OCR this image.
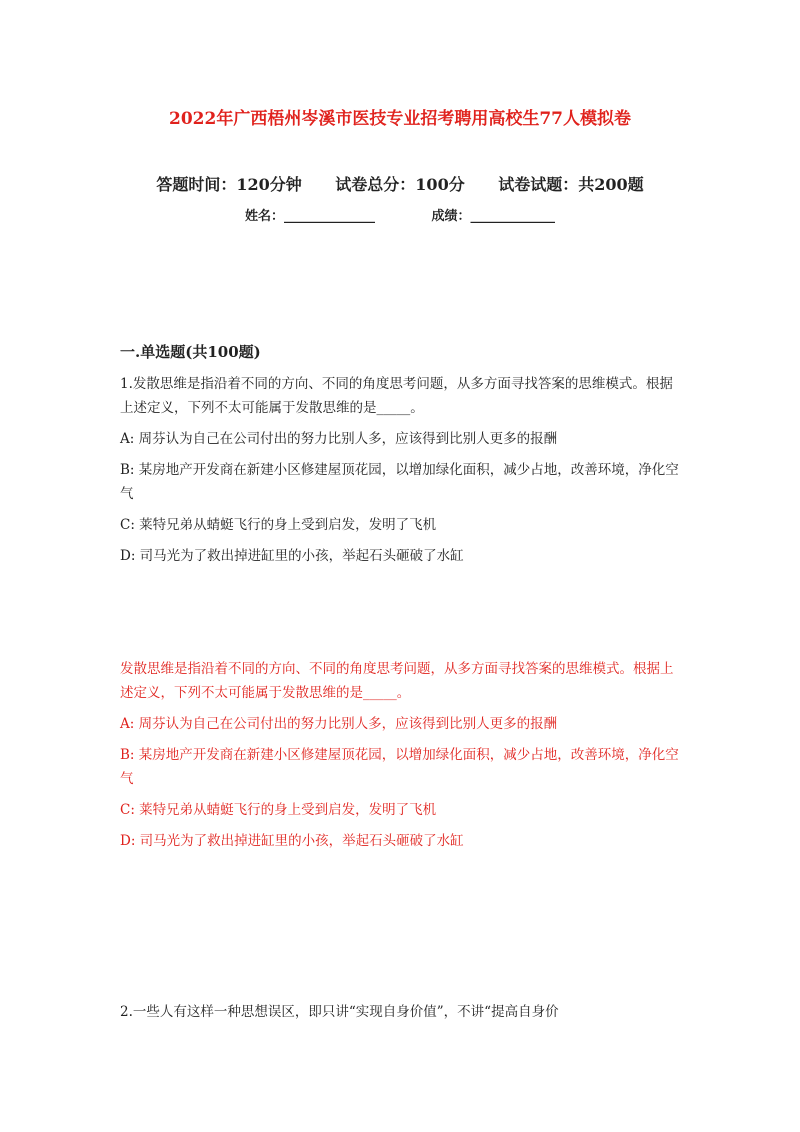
2022年广西梧州岑溪市医技专业招考聘用高校生77人模拟卷
答题时间：120分钟 试卷总分：100分 试卷试题：共200题
姓名：______________	成绩：_____________
一.单选题(共100题)

1.发散思维是指沿着不同的方向、不同的角度思考问题，从多方面寻找答案的思维模式。根据上述定义，下列不太可能属于发散思维的是_____。

A: 周芬认为自己在公司付出的努力比别人多，应该得到比别人更多的报酬

B: 某房地产开发商在新建小区修建屋顶花园，以增加绿化面积，减少占地，改善环境，净化空气

C: 莱特兄弟从蜻蜓飞行的身上受到启发，发明了飞机

D: 司马光为了救出掉进缸里的小孩，举起石头砸破了水缸

发散思维是指沿着不同的方向、不同的角度思考问题，从多方面寻找答案的思维模式。根据上述定义，下列不太可能属于发散思维的是_____。

A: 周芬认为自己在公司付出的努力比别人多，应该得到比别人更多的报酬

B: 某房地产开发商在新建小区修建屋顶花园，以增加绿化面积，减少占地，改善环境，净化空气

C: 莱特兄弟从蜻蜓飞行的身上受到启发，发明了飞机

D: 司马光为了救出掉进缸里的小孩，举起石头砸破了水缸

2.一些人有这样一种思想误区，即只讲“实现自身价值”，不讲“提高自身价
